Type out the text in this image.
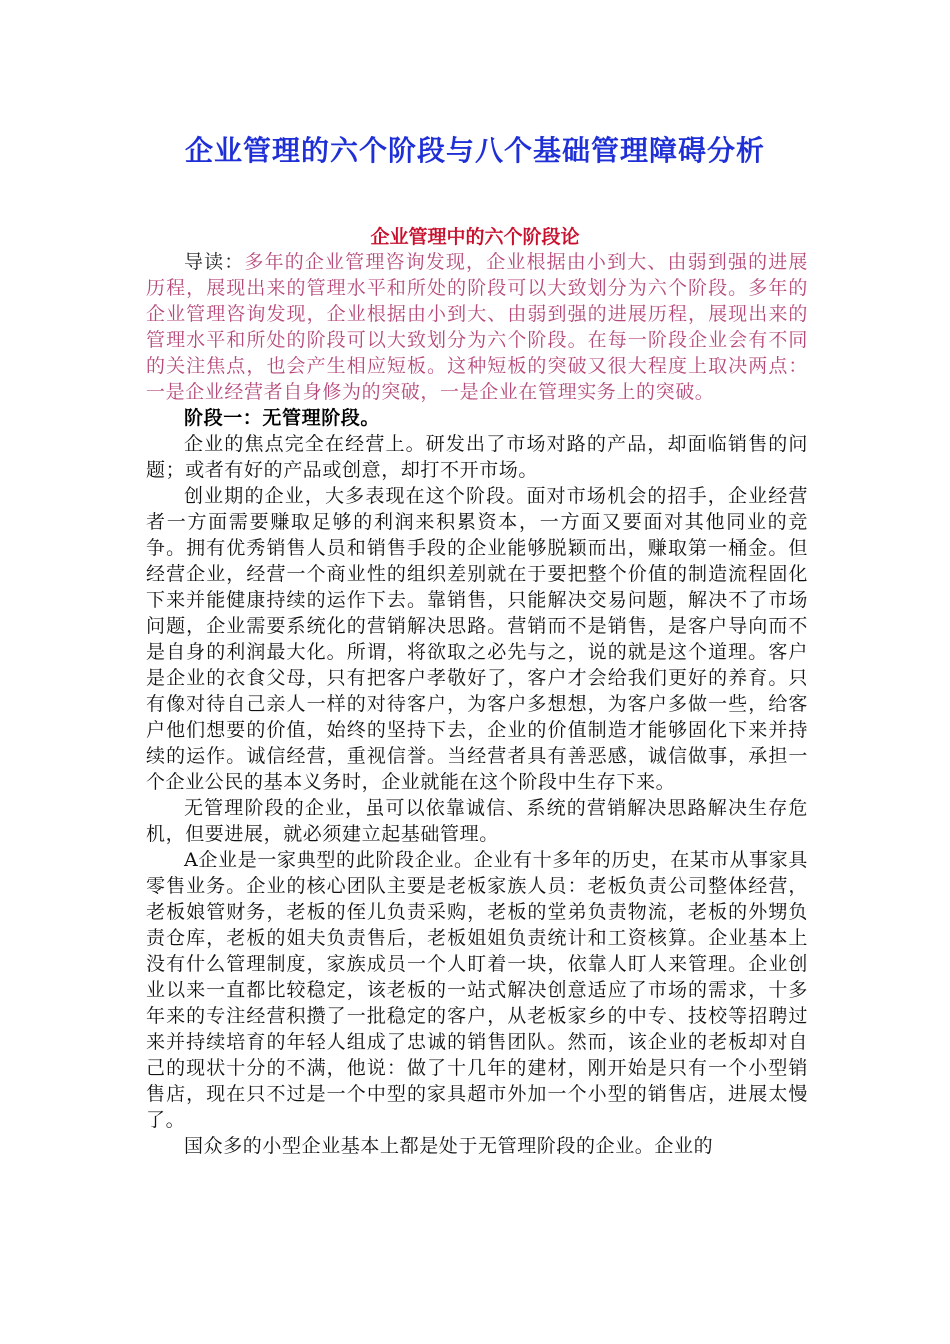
企业管理的六个阶段与八个基础管理障碍分析
企业管理中的六个阶段论

导读：多年的企业管理咨询发现，企业根据由小到大、由弱到强的进展历程，展现出来的管理水平和所处的阶段可以大致划分为六个阶段。多年的企业管理咨询发现，企业根据由小到大、由弱到强的进展历程，展现出来的管理水平和所处的阶段可以大致划分为六个阶段。在每一阶段企业会有不同的关注焦点，也会产生相应短板。这种短板的突破又很大程度上取决两点：一是企业经营者自身修为的突破，一是企业在管理实务上的突破。

阶段一：无管理阶段。

企业的焦点完全在经营上。研发出了市场对路的产品，却面临销售的问题；或者有好的产品或创意，却打不开市场。

创业期的企业，大多表现在这个阶段。面对市场机会的招手，企业经营者一方面需要赚取足够的利润来积累资本，一方面又要面对其他同业的竞争。拥有优秀销售人员和销售手段的企业能够脱颖而出，赚取第一桶金。但经营企业，经营一个商业性的组织差别就在于要把整个价值的制造流程固化下来并能健康持续的运作下去。靠销售，只能解决交易问题，解决不了市场问题，企业需要系统化的营销解决思路。营销而不是销售，是客户导向而不是自身的利润最大化。所谓，将欲取之必先与之，说的就是这个道理。客户是企业的衣食父母，只有把客户孝敬好了，客户才会给我们更好的养育。只有像对待自己亲人一样的对待客户，为客户多想想，为客户多做一些，给客户他们想要的价值，始终的坚持下去，企业的价值制造才能够固化下来并持续的运作。诚信经营，重视信誉。当经营者具有善恶感，诚信做事，承担一个企业公民的基本义务时，企业就能在这个阶段中生存下来。

无管理阶段的企业，虽可以依靠诚信、系统的营销解决思路解决生存危机，但要进展，就必须建立起基础管理。

A企业是一家典型的此阶段企业。企业有十多年的历史，在某市从事家具零售业务。企业的核心团队主要是老板家族人员：老板负责公司整体经营，老板娘管财务，老板的侄儿负责采购，老板的堂弟负责物流，老板的外甥负责仓库，老板的姐夫负责售后，老板姐姐负责统计和工资核算。企业基本上没有什么管理制度，家族成员一个人盯着一块，依靠人盯人来管理。企业创业以来一直都比较稳定，该老板的一站式解决创意适应了市场的需求，十多年来的专注经营积攒了一批稳定的客户，从老板家乡的中专、技校等招聘过来并持续培育的年轻人组成了忠诚的销售团队。然而，该企业的老板却对自己的现状十分的不满，他说：做了十几年的建材，刚开始是只有一个小型销售店，现在只不过是一个中型的家具超市外加一个小型的销售店，进展太慢了。

国众多的小型企业基本上都是处于无管理阶段的企业。企业的
